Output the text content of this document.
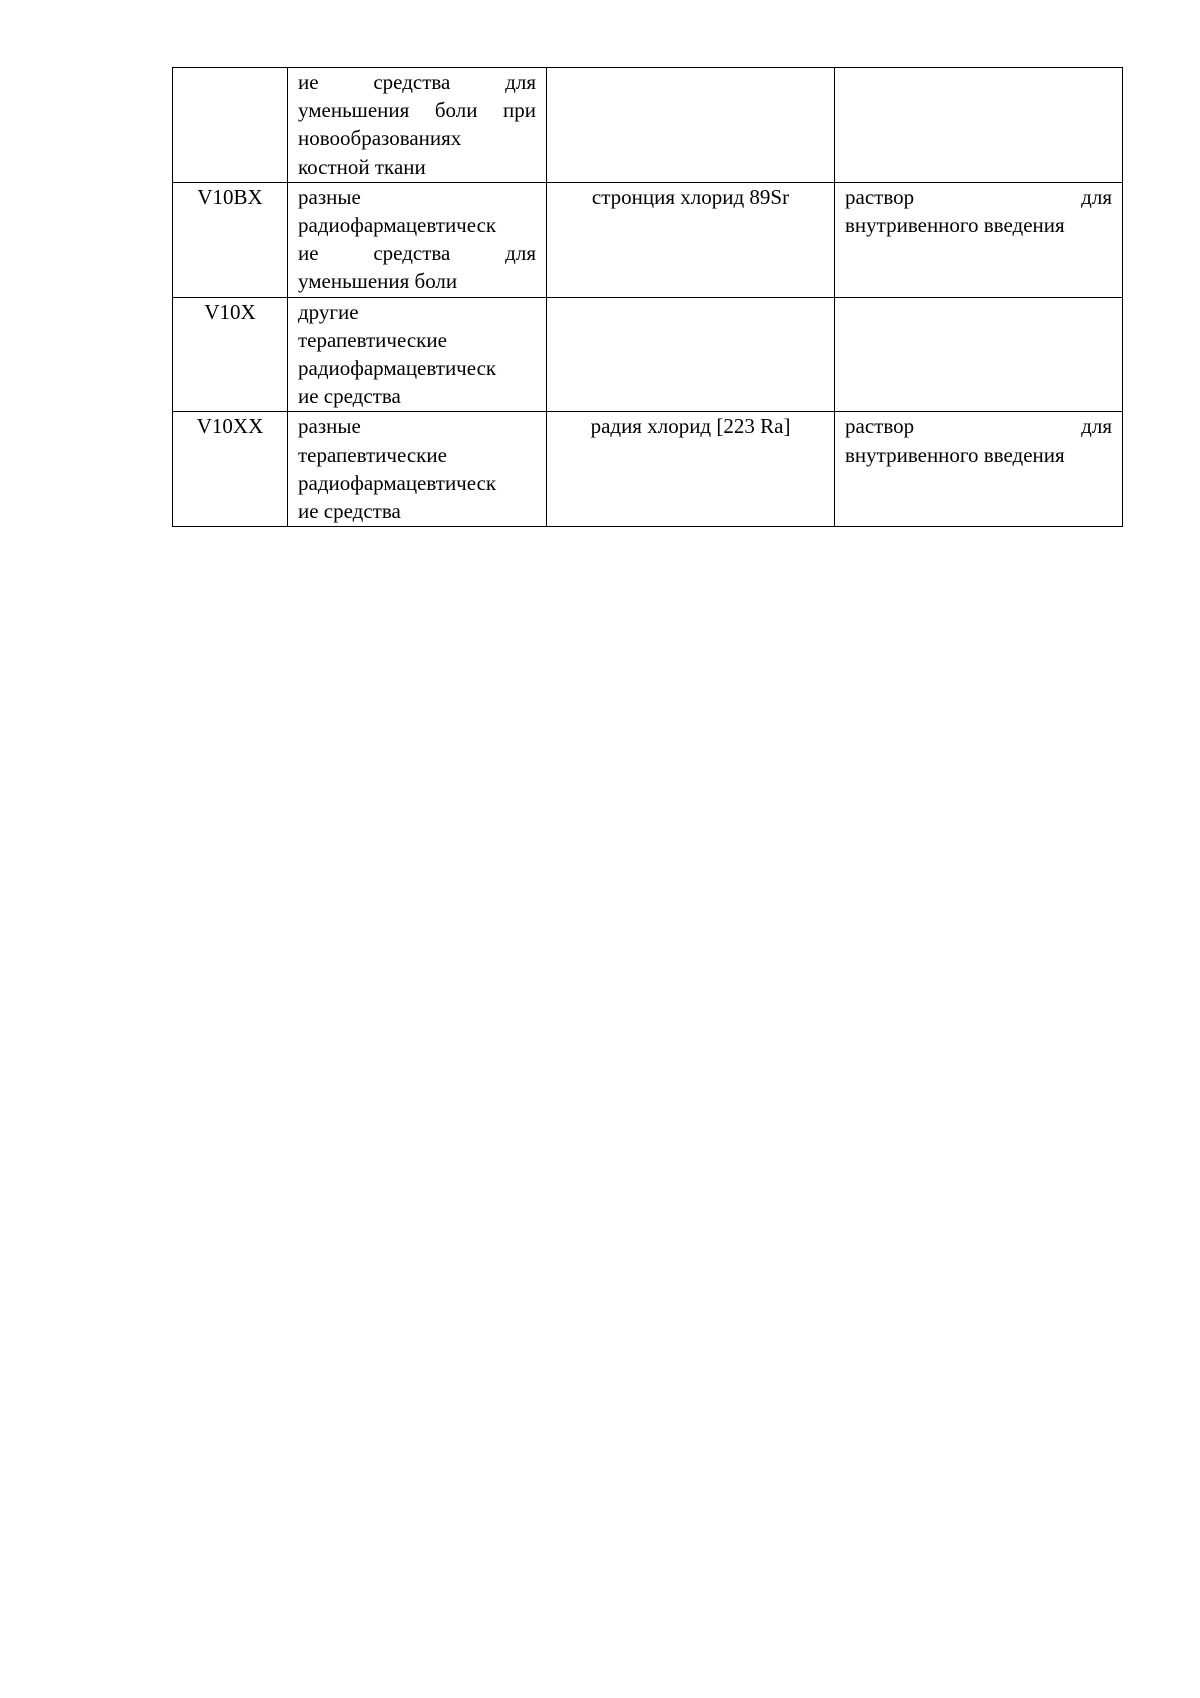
	ие средства для
уменьшения боли при
новообразованиях
костной ткани		

V10BX	разные
радиофармацевтическ
ие средства для
уменьшения боли	стронция хлорид 89Sr	раствор для
внутривенного введения

V10X	другие
терапевтические
радиофармацевтическ
ие средства		

V10XX	разные
терапевтические
радиофармацевтическ
ие средства	радия хлорид [223 Ra]	раствор для
внутривенного введения
